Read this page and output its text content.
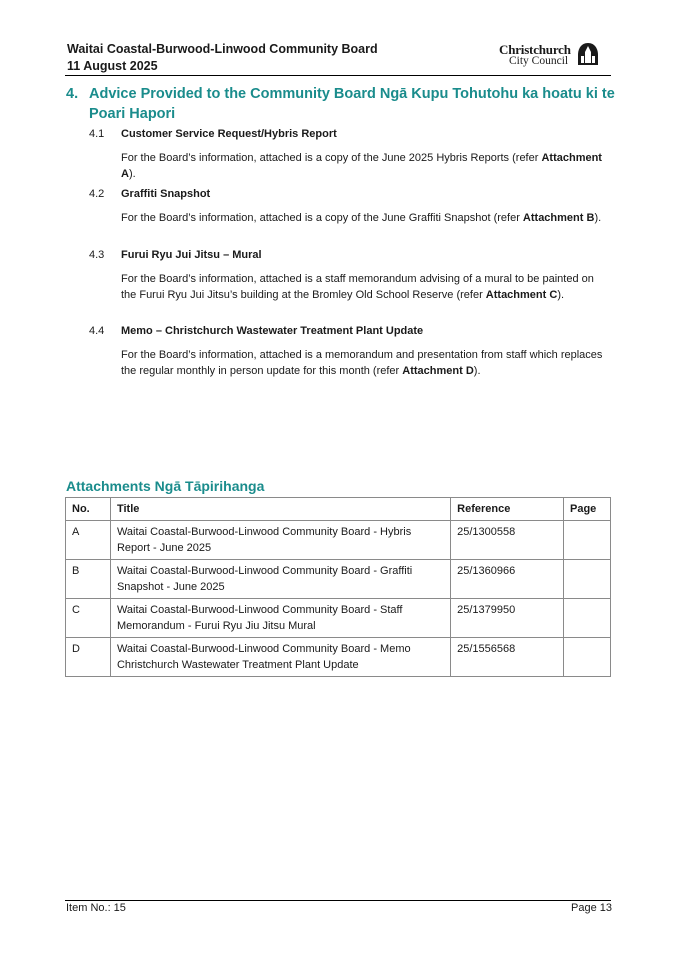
Waitai Coastal-Burwood-Linwood Community Board
11 August 2025
Christchurch
City Council
4. Advice Provided to the Community Board Ngā Kupu Tohutohu ka hoatu ki te Poari Hapori
4.1 Customer Service Request/Hybris Report
For the Board’s information, attached is a copy of the June 2025 Hybris Reports (refer Attachment A).
4.2 Graffiti Snapshot
For the Board’s information, attached is a copy of the June Graffiti Snapshot (refer Attachment B).
4.3 Furui Ryu Jui Jitsu – Mural
For the Board’s information, attached is a staff memorandum advising of a mural to be painted on the Furui Ryu Jui Jitsu’s building at the Bromley Old School Reserve (refer Attachment C).
4.4 Memo – Christchurch Wastewater Treatment Plant Update
For the Board’s information, attached is a memorandum and presentation from staff which replaces the regular monthly in person update for this month (refer Attachment D).
Attachments Ngā Tāpirihanga
No.	Title	Reference	Page
A	Waitai Coastal-Burwood-Linwood Community Board - Hybris Report - June 2025	25/1300558	
B	Waitai Coastal-Burwood-Linwood Community Board - Graffiti Snapshot - June 2025	25/1360966	
C	Waitai Coastal-Burwood-Linwood Community Board - Staff Memorandum - Furui Ryu Jiu Jitsu Mural	25/1379950	
D	Waitai Coastal-Burwood-Linwood Community Board - Memo Christchurch Wastewater Treatment Plant Update	25/1556568	
Item No.: 15	Page 13
